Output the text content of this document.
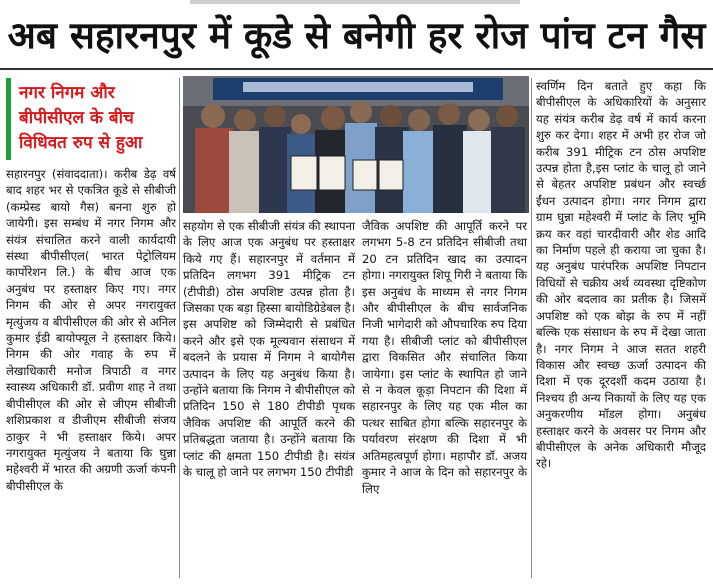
अब सहारनपुर में कूडे से बनेगी हर रोज पांच टन गैस
नगर निगम और
बीपीसीएल के बीच
विधिवत रुप से हुआ

सहारनपुर (संवाददाता)। करीब डेढ़ वर्ष बाद शहर भर से एकत्रित कूडे से सीबीजी (कम्प्रेस्ड बायो गैस) बनना शुरु हो जायेगी। इस सम्बंध में नगर निगम और संयंत्र संचालित करने वाली कार्यदायी संस्था बीपीसीएल( भारत पेट्रोलियम कार्पोरेशन लि.) के बीच आज एक अनुबंध पर हस्ताक्षर किए गए। नगर निगम की ओर से अपर नगरायुक्त मृत्युंजय व बीपीसीएल की ओर से अनिल कुमार ईडी बायोफ्यूल ने हस्ताक्षर किये। निगम की ओर गवाह के रुप में लेखाधिकारी मनोज त्रिपाठी व नगर स्वास्थ्य अधिकारी डॉ. प्रवीण शाह ने तथा बीपीसीएल की ओर से जीएम सीबीजी शशिप्रकाश व डीजीएम सीबीजी संजय ठाकुर ने भी हस्ताक्षर किये। अपर नगरायुक्त मृत्युंजय ने बताया कि घुन्ना महेश्वरी में भारत की अग्रणी ऊर्जा कंपनी बीपीसीएल के

सहयोग से एक सीबीजी संयंत्र की स्थापना के लिए आज एक अनुबंध पर हस्ताक्षर किये गए हैं। सहारनपुर में वर्तमान में प्रतिदिन लगभग 391 मीट्रिक टन (टीपीडी) ठोस अपशिष्ट उत्पन्न होता है। जिसका एक बड़ा हिस्सा बायोडिग्रेडेबल है। इस अपशिष्ट को जिम्मेदारी से प्रबंधित करने और इसे एक मूल्यवान संसाधन में बदलने के प्रयास में निगम ने बायोगैस उत्पादन के लिए यह अनुबंध किया है। उन्होंने बताया कि निगम ने बीपीसीएल को प्रतिदिन 150 से 180 टीपीडी पृथक जैविक अपशिष्ट की आपूर्ति करने की प्रतिबद्धता जताया है। उन्होंने बताया कि प्लांट की क्षमता 150 टीपीडी है। संयंत्र के चालू हो जाने पर लगभग 150 टीपीडी

जैविक अपशिष्ट की आपूर्ति करने पर लगभग 5-8 टन प्रतिदिन सीबीजी तथा 20 टन प्रतिदिन खाद का उत्पादन होगा। नगरायुक्त शिपू गिरी ने बताया कि इस अनुबंध के माध्यम से नगर निगम और बीपीसीएल के बीच सार्वजनिक निजी भागेदारी को औपचारिक रुप दिया गया है। सीबीजी प्लांट को बीपीसीएल द्वारा विकसित और संचालित किया जायेगा। इस प्लांट के स्थापित हो जाने से न केवल कूड़ा निपटान की दिशा में सहारनपुर के लिए यह एक मील का पत्थर साबित होगा बल्कि सहारनपुर के पर्यावरण संरक्षण की दिशा में भी अतिमहत्वपूर्ण होगा। महापौर डॉ. अजय कुमार ने आज के दिन को सहारनपुर के लिए

स्वर्णिम दिन बताते हुए कहा कि बीपीसीएल के अधिकारियों के अनुसार यह संयंत्र करीब डेढ़ वर्ष में कार्य करना शुरु कर देगा। शहर में अभी हर रोज जो करीब 391 मीट्रिक टन ठोस अपशिष्ट उत्पन्न होता है,इस प्लांट के चालू हो जाने से बेहतर अपशिष्ट प्रबंधन और स्वर्च्छ ईंधन उत्पादन होगा। नगर निगम द्वारा ग्राम घुन्ना महेश्वरी में प्लांट के लिए भूमि क्रय कर वहां चारदीवारी और शेड आदि का निर्माण पहले ही कराया जा चुका है। यह अनुबंध पारंपरिक अपशिष्ट निपटान विधियों से चक्रीय अर्थ व्यवस्था दृष्टिकोण की ओर बदलाव का प्रतीक है। जिसमें अपशिष्ट को एक बोझ के रुप में नहीं बल्कि एक संसाधन के रुप में देखा जाता है। नगर निगम ने आज सतत शहरी विकास और स्वच्छ ऊर्जा उत्पादन की दिशा में एक दूरदर्शी कदम उठाया है। निश्चय ही अन्य निकायों के लिए यह एक अनुकरणीय मॉडल होगा। अनुबंध हस्ताक्षर करने के अवसर पर निगम और बीपीसीएल के अनेक अधिकारी मौजूद रहे।
